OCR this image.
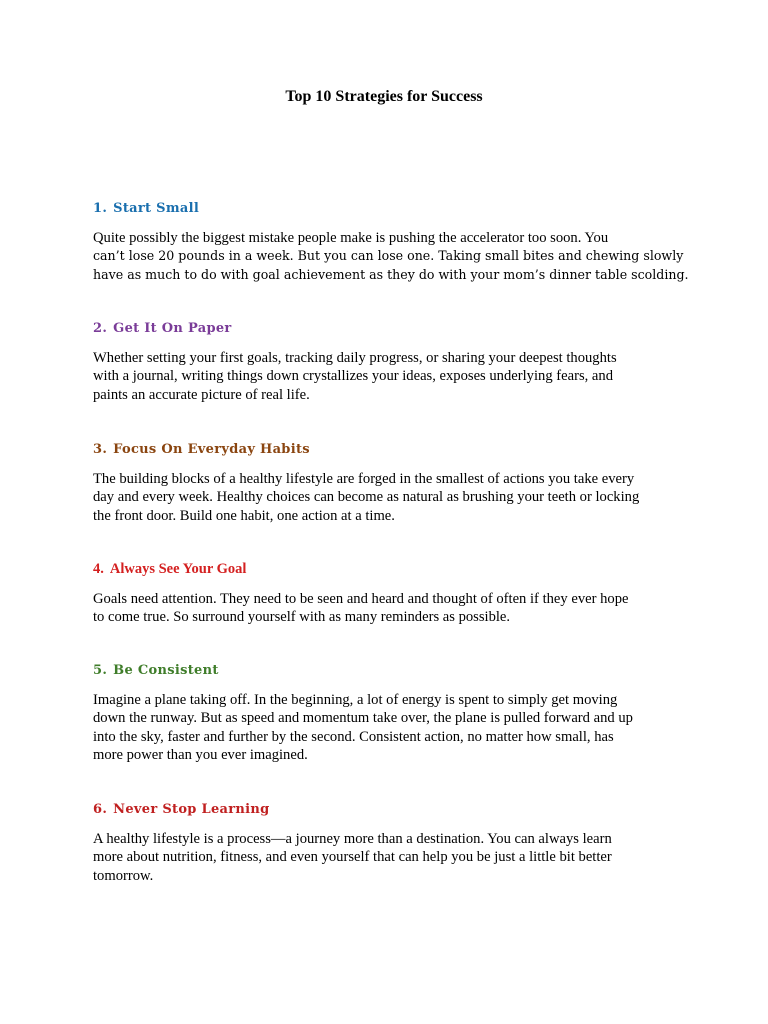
Top 10 Strategies for Success
1. Start Small
Quite possibly the biggest mistake people make is pushing the accelerator too soon. You
can’t lose 20 pounds in a week. But you can lose one. Taking small bites and chewing slowly
have as much to do with goal achievement as they do with your mom’s dinner table scolding.
2. Get It On Paper
Whether setting your first goals, tracking daily progress, or sharing your deepest thoughts
with a journal, writing things down crystallizes your ideas, exposes underlying fears, and
paints an accurate picture of real life.
3. Focus On Everyday Habits
The building blocks of a healthy lifestyle are forged in the smallest of actions you take every
day and every week. Healthy choices can become as natural as brushing your teeth or locking
the front door. Build one habit, one action at a time.
4. Always See Your Goal
Goals need attention. They need to be seen and heard and thought of often if they ever hope
to come true. So surround yourself with as many reminders as possible.
5. Be Consistent
Imagine a plane taking off. In the beginning, a lot of energy is spent to simply get moving
down the runway. But as speed and momentum take over, the plane is pulled forward and up
into the sky, faster and further by the second. Consistent action, no matter how small, has
more power than you ever imagined.
6. Never Stop Learning
A healthy lifestyle is a process—a journey more than a destination. You can always learn
more about nutrition, fitness, and even yourself that can help you be just a little bit better
tomorrow.
